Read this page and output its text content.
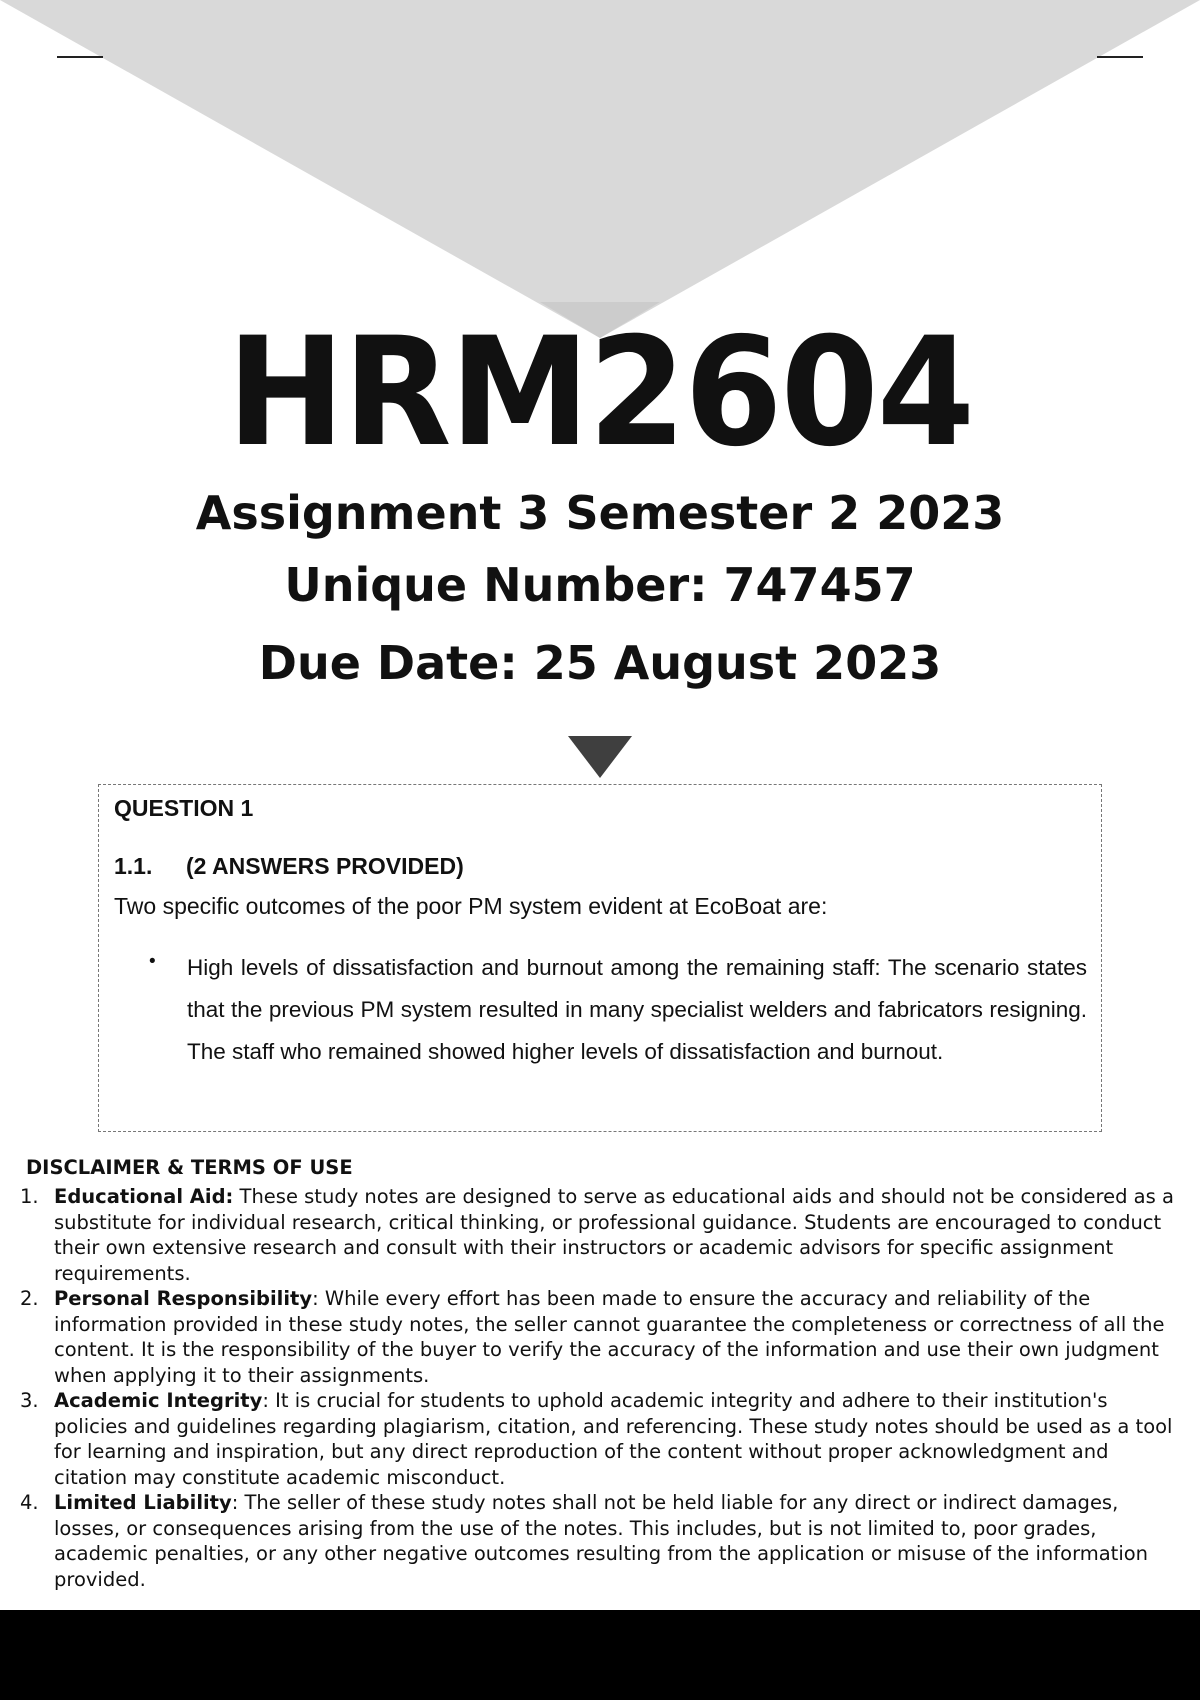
HRM2604
Assignment 3 Semester 2 2023
Unique Number: 747457
Due Date: 25 August 2023
QUESTION 1
1.1. (2 ANSWERS PROVIDED)
Two specific outcomes of the poor PM system evident at EcoBoat are:
• High levels of dissatisfaction and burnout among the remaining staff: The scenario states that the previous PM system resulted in many specialist welders and fabricators resigning. The staff who remained showed higher levels of dissatisfaction and burnout.

DISCLAIMER & TERMS OF USE
1. Educational Aid: These study notes are designed to serve as educational aids and should not be considered as a substitute for individual research, critical thinking, or professional guidance. Students are encouraged to conduct their own extensive research and consult with their instructors or academic advisors for specific assignment requirements.
2. Personal Responsibility: While every effort has been made to ensure the accuracy and reliability of the information provided in these study notes, the seller cannot guarantee the completeness or correctness of all the content. It is the responsibility of the buyer to verify the accuracy of the information and use their own judgment when applying it to their assignments.
3. Academic Integrity: It is crucial for students to uphold academic integrity and adhere to their institution's policies and guidelines regarding plagiarism, citation, and referencing. These study notes should be used as a tool for learning and inspiration, but any direct reproduction of the content without proper acknowledgment and citation may constitute academic misconduct.
4. Limited Liability: The seller of these study notes shall not be held liable for any direct or indirect damages, losses, or consequences arising from the use of the notes. This includes, but is not limited to, poor grades, academic penalties, or any other negative outcomes resulting from the application or misuse of the information provided.
